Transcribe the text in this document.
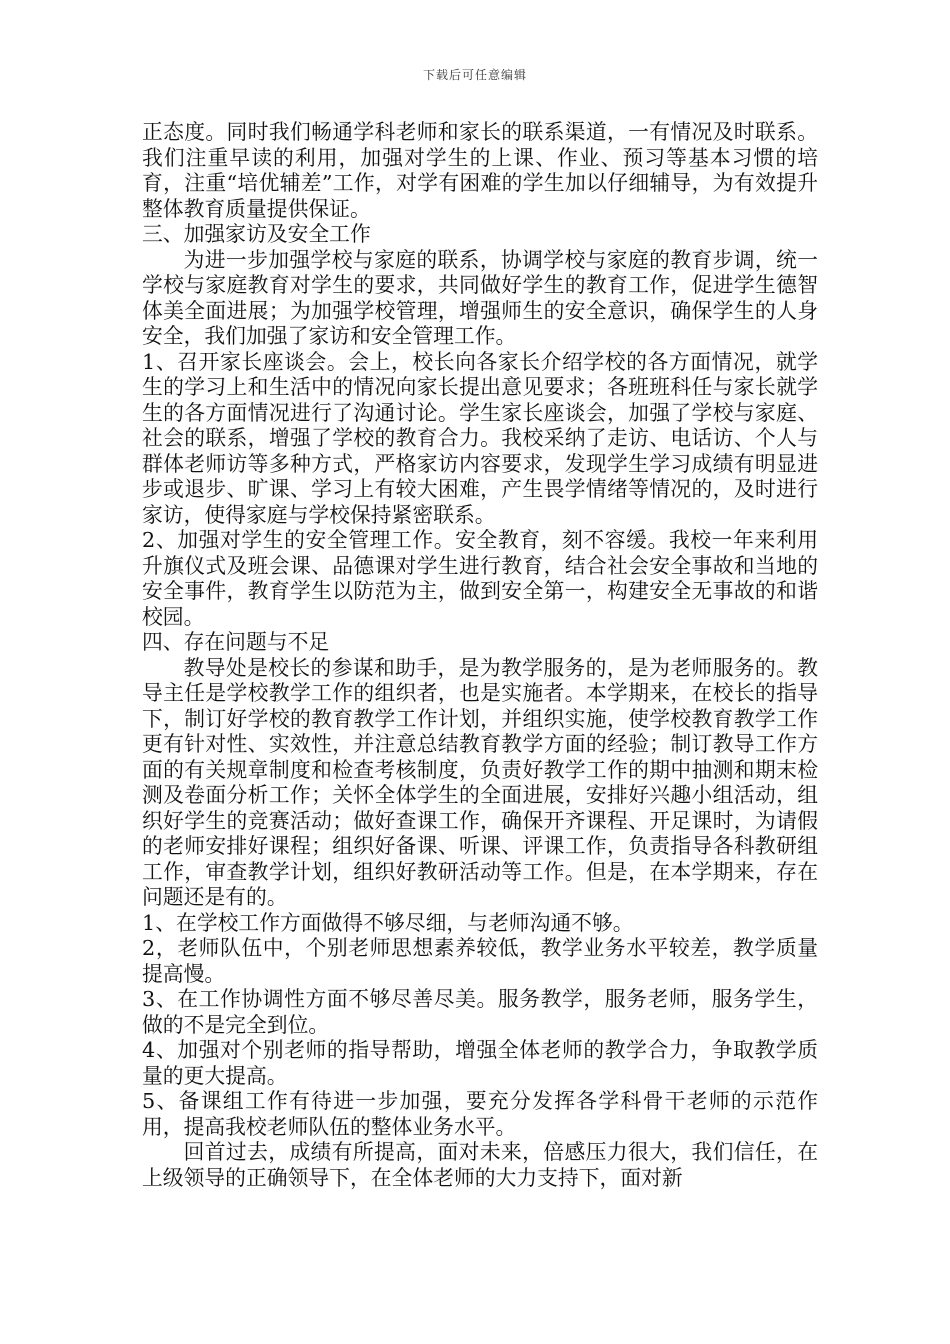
下载后可任意编辑

正态度。同时我们畅通学科老师和家长的联系渠道，一有情况及时联系。我们注重早读的利用，加强对学生的上课、作业、预习等基本习惯的培育，注重“培优辅差”工作，对学有困难的学生加以仔细辅导，为有效提升整体教育质量提供保证。

三、加强家访及安全工作

为进一步加强学校与家庭的联系，协调学校与家庭的教育步调，统一学校与家庭教育对学生的要求，共同做好学生的教育工作，促进学生德智体美全面进展；为加强学校管理，增强师生的安全意识，确保学生的人身安全，我们加强了家访和安全管理工作。

1、召开家长座谈会。会上，校长向各家长介绍学校的各方面情况，就学生的学习上和生活中的情况向家长提出意见要求；各班班科任与家长就学生的各方面情况进行了沟通讨论。学生家长座谈会，加强了学校与家庭、社会的联系，增强了学校的教育合力。我校采纳了走访、电话访、个人与群体老师访等多种方式，严格家访内容要求，发现学生学习成绩有明显进步或退步、旷课、学习上有较大困难，产生畏学情绪等情况的，及时进行家访，使得家庭与学校保持紧密联系。

2、加强对学生的安全管理工作。安全教育，刻不容缓。我校一年来利用升旗仪式及班会课、品德课对学生进行教育，结合社会安全事故和当地的安全事件，教育学生以防范为主，做到安全第一，构建安全无事故的和谐校园。

四、存在问题与不足

教导处是校长的参谋和助手，是为教学服务的，是为老师服务的。教导主任是学校教学工作的组织者，也是实施者。本学期来，在校长的指导下，制订好学校的教育教学工作计划，并组织实施，使学校教育教学工作更有针对性、实效性，并注意总结教育教学方面的经验；制订教导工作方面的有关规章制度和检查考核制度，负责好教学工作的期中抽测和期末检测及卷面分析工作；关怀全体学生的全面进展，安排好兴趣小组活动，组织好学生的竞赛活动；做好查课工作，确保开齐课程、开足课时，为请假的老师安排好课程；组织好备课、听课、评课工作，负责指导各科教研组工作，审查教学计划，组织好教研活动等工作。但是，在本学期来，存在问题还是有的。

1、在学校工作方面做得不够尽细，与老师沟通不够。

2，老师队伍中，个别老师思想素养较低，教学业务水平较差，教学质量提高慢。

3、在工作协调性方面不够尽善尽美。服务教学，服务老师，服务学生，做的不是完全到位。

4、加强对个别老师的指导帮助，增强全体老师的教学合力，争取教学质量的更大提高。

5、备课组工作有待进一步加强，要充分发挥各学科骨干老师的示范作用，提高我校老师队伍的整体业务水平。

回首过去，成绩有所提高，面对未来，倍感压力很大，我们信任，在上级领导的正确领导下，在全体老师的大力支持下，面对新
